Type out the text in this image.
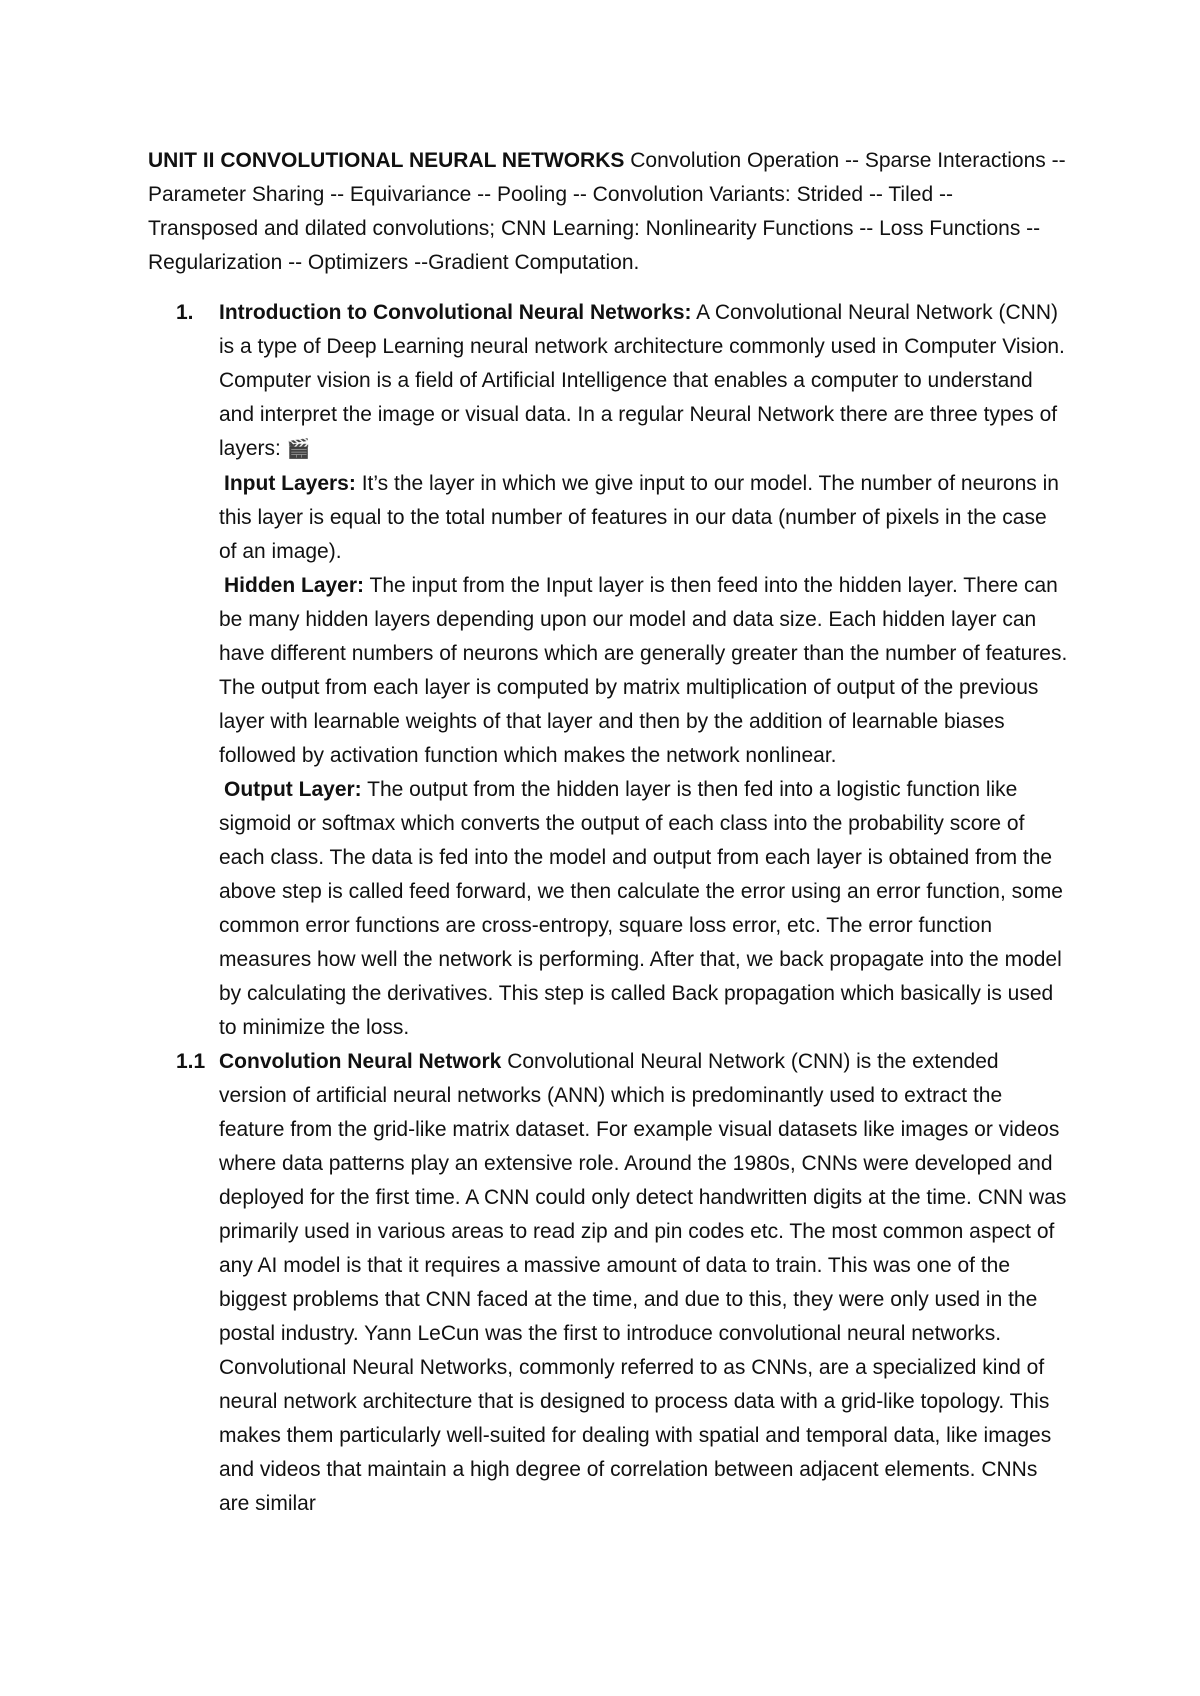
UNIT II CONVOLUTIONAL NEURAL NETWORKS Convolution Operation -- Sparse Interactions -- Parameter Sharing -- Equivariance -- Pooling -- Convolution Variants: Strided -- Tiled -- Transposed and dilated convolutions; CNN Learning: Nonlinearity Functions -- Loss Functions -- Regularization -- Optimizers --Gradient Computation.

1. Introduction to Convolutional Neural Networks: A Convolutional Neural Network (CNN) is a type of Deep Learning neural network architecture commonly used in Computer Vision. Computer vision is a field of Artificial Intelligence that enables a computer to understand and interpret the image or visual data. In a regular Neural Network there are three types of layers: 🎬

Input Layers: It’s the layer in which we give input to our model. The number of neurons in this layer is equal to the total number of features in our data (number of pixels in the case of an image).

Hidden Layer: The input from the Input layer is then feed into the hidden layer. There can be many hidden layers depending upon our model and data size. Each hidden layer can have different numbers of neurons which are generally greater than the number of features. The output from each layer is computed by matrix multiplication of output of the previous layer with learnable weights of that layer and then by the addition of learnable biases followed by activation function which makes the network nonlinear.

Output Layer: The output from the hidden layer is then fed into a logistic function like sigmoid or softmax which converts the output of each class into the probability score of each class. The data is fed into the model and output from each layer is obtained from the above step is called feed forward, we then calculate the error using an error function, some common error functions are cross-entropy, square loss error, etc. The error function measures how well the network is performing. After that, we back propagate into the model by calculating the derivatives. This step is called Back propagation which basically is used to minimize the loss.

1.1 Convolution Neural Network Convolutional Neural Network (CNN) is the extended version of artificial neural networks (ANN) which is predominantly used to extract the feature from the grid-like matrix dataset. For example visual datasets like images or videos where data patterns play an extensive role. Around the 1980s, CNNs were developed and deployed for the first time. A CNN could only detect handwritten digits at the time. CNN was primarily used in various areas to read zip and pin codes etc. The most common aspect of any AI model is that it requires a massive amount of data to train. This was one of the biggest problems that CNN faced at the time, and due to this, they were only used in the postal industry. Yann LeCun was the first to introduce convolutional neural networks. Convolutional Neural Networks, commonly referred to as CNNs, are a specialized kind of neural network architecture that is designed to process data with a grid-like topology. This makes them particularly well-suited for dealing with spatial and temporal data, like images and videos that maintain a high degree of correlation between adjacent elements. CNNs are similar
